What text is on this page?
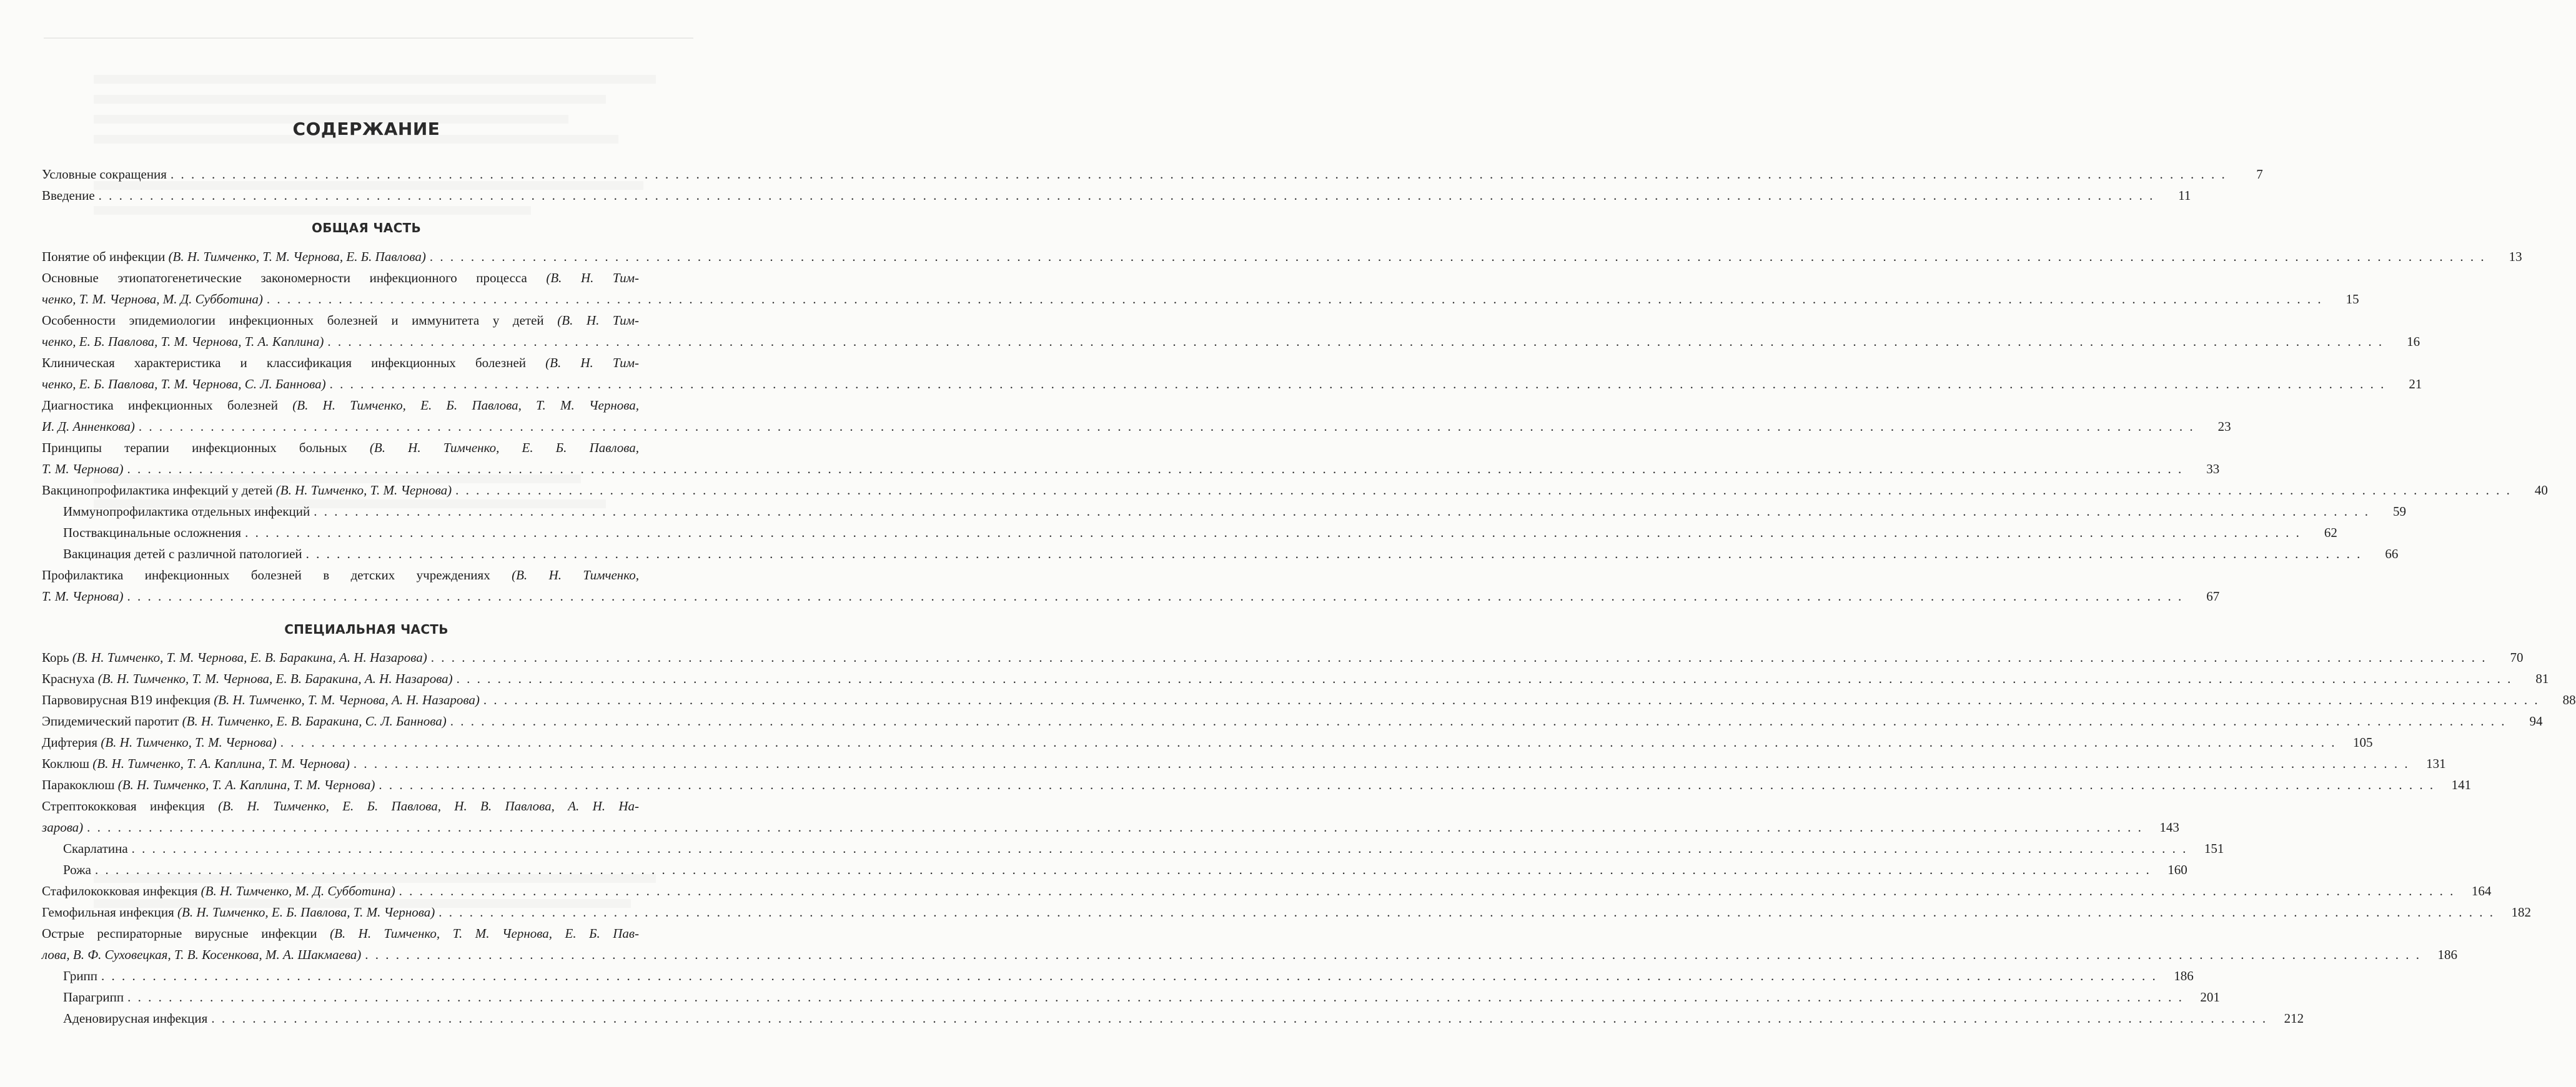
СОДЕРЖАНИЕ
Условные сокращения . . . . . . . . . . . . . . . . . . . . . . . . . . . . . . . . . . . . . . . . . . . . . . . . . . . . . . . . . . . . . . . . . . . . . . . . . . . . . . . . . . . . . . . . . . . . . . . . . . . . . . . . . . . . . . . . . . . . . . . . . . . . . . . . . . . . . . . . . . . . . . . . . . . . . . . . . . . . . . . . . . . . . . . . . . . . . . . . . . . . . . . . . . . . . . . . . . . . . . . .	7
Введение . . . . . . . . . . . . . . . . . . . . . . . . . . . . . . . . . . . . . . . . . . . . . . . . . . . . . . . . . . . . . . . . . . . . . . . . . . . . . . . . . . . . . . . . . . . . . . . . . . . . . . . . . . . . . . . . . . . . . . . . . . . . . . . . . . . . . . . . . . . . . . . . . . . . . . . . . . . . . . . . . . . . . . . . . . . . . . . . . . . . . . . . . . . . . . . . . . . . . . . .	11
ОБЩАЯ ЧАСТЬ
Понятие об инфекции (В. Н. Тимченко, Т. М. Чернова, Е. Б. Павлова) . . . . . . . . . . . . . . . . . . . . . . . . . . . . . . . . . . . . . . . . . . . . . . . . . . . . . . . . . . . . . . . . . . . . . . . . . . . . . . . . . . . . . . . . . . . . . . . . . . . . . . . . . . . . . . . . . . . . . . . . . . . . . . . . . . . . . . . . . . . . . . . . . . . . . . . . . . . . . . . . . . . . . . . . . . . . . . . . . . . . . . . . . . . . . . . . . . . . . . . .	13
Основные этиопатогенетические закономерности инфекционного процесса (В. Н. Тим-
ченко, Т. М. Чернова, М. Д. Субботина) . . . . . . . . . . . . . . . . . . . . . . . . . . . . . . . . . . . . . . . . . . . . . . . . . . . . . . . . . . . . . . . . . . . . . . . . . . . . . . . . . . . . . . . . . . . . . . . . . . . . . . . . . . . . . . . . . . . . . . . . . . . . . . . . . . . . . . . . . . . . . . . . . . . . . . . . . . . . . . . . . . . . . . . . . . . . . . . . . . . . . . . . . . . . . . . . . . . . . . . .	15
Особенности эпидемиологии инфекционных болезней и иммунитета у детей (В. Н. Тим-
ченко, Е. Б. Павлова, Т. М. Чернова, Т. А. Каплина) . . . . . . . . . . . . . . . . . . . . . . . . . . . . . . . . . . . . . . . . . . . . . . . . . . . . . . . . . . . . . . . . . . . . . . . . . . . . . . . . . . . . . . . . . . . . . . . . . . . . . . . . . . . . . . . . . . . . . . . . . . . . . . . . . . . . . . . . . . . . . . . . . . . . . . . . . . . . . . . . . . . . . . . . . . . . . . . . . . . . . . . . . . . . . . . . . . . . . . . .	16
Клиническая характеристика и классификация инфекционных болезней (В. Н. Тим-
ченко, Е. Б. Павлова, Т. М. Чернова, С. Л. Баннова) . . . . . . . . . . . . . . . . . . . . . . . . . . . . . . . . . . . . . . . . . . . . . . . . . . . . . . . . . . . . . . . . . . . . . . . . . . . . . . . . . . . . . . . . . . . . . . . . . . . . . . . . . . . . . . . . . . . . . . . . . . . . . . . . . . . . . . . . . . . . . . . . . . . . . . . . . . . . . . . . . . . . . . . . . . . . . . . . . . . . . . . . . . . . . . . . . . . . . . . .	21
Диагностика инфекционных болезней (В. Н. Тимченко, Е. Б. Павлова, Т. М. Чернова,
И. Д. Анненкова) . . . . . . . . . . . . . . . . . . . . . . . . . . . . . . . . . . . . . . . . . . . . . . . . . . . . . . . . . . . . . . . . . . . . . . . . . . . . . . . . . . . . . . . . . . . . . . . . . . . . . . . . . . . . . . . . . . . . . . . . . . . . . . . . . . . . . . . . . . . . . . . . . . . . . . . . . . . . . . . . . . . . . . . . . . . . . . . . . . . . . . . . . . . . . . . . . . . . . . . .	23
Принципы терапии инфекционных больных (В. Н. Тимченко, Е. Б. Павлова,
Т. М. Чернова) . . . . . . . . . . . . . . . . . . . . . . . . . . . . . . . . . . . . . . . . . . . . . . . . . . . . . . . . . . . . . . . . . . . . . . . . . . . . . . . . . . . . . . . . . . . . . . . . . . . . . . . . . . . . . . . . . . . . . . . . . . . . . . . . . . . . . . . . . . . . . . . . . . . . . . . . . . . . . . . . . . . . . . . . . . . . . . . . . . . . . . . . . . . . . . . . . . . . . . . .	33
Вакцинопрофилактика инфекций у детей (В. Н. Тимченко, Т. М. Чернова) . . . . . . . . . . . . . . . . . . . . . . . . . . . . . . . . . . . . . . . . . . . . . . . . . . . . . . . . . . . . . . . . . . . . . . . . . . . . . . . . . . . . . . . . . . . . . . . . . . . . . . . . . . . . . . . . . . . . . . . . . . . . . . . . . . . . . . . . . . . . . . . . . . . . . . . . . . . . . . . . . . . . . . . . . . . . . . . . . . . . . . . . . . . . . . . . . . . . . . . .	40
Иммунопрофилактика отдельных инфекций . . . . . . . . . . . . . . . . . . . . . . . . . . . . . . . . . . . . . . . . . . . . . . . . . . . . . . . . . . . . . . . . . . . . . . . . . . . . . . . . . . . . . . . . . . . . . . . . . . . . . . . . . . . . . . . . . . . . . . . . . . . . . . . . . . . . . . . . . . . . . . . . . . . . . . . . . . . . . . . . . . . . . . . . . . . . . . . . . . . . . . . . . . . . . . . . . . . . . . . .	59
Поствакцинальные осложнения . . . . . . . . . . . . . . . . . . . . . . . . . . . . . . . . . . . . . . . . . . . . . . . . . . . . . . . . . . . . . . . . . . . . . . . . . . . . . . . . . . . . . . . . . . . . . . . . . . . . . . . . . . . . . . . . . . . . . . . . . . . . . . . . . . . . . . . . . . . . . . . . . . . . . . . . . . . . . . . . . . . . . . . . . . . . . . . . . . . . . . . . . . . . . . . . . . . . . . . .	62
Вакцинация детей с различной патологией . . . . . . . . . . . . . . . . . . . . . . . . . . . . . . . . . . . . . . . . . . . . . . . . . . . . . . . . . . . . . . . . . . . . . . . . . . . . . . . . . . . . . . . . . . . . . . . . . . . . . . . . . . . . . . . . . . . . . . . . . . . . . . . . . . . . . . . . . . . . . . . . . . . . . . . . . . . . . . . . . . . . . . . . . . . . . . . . . . . . . . . . . . . . . . . . . . . . . . . .	66
Профилактика инфекционных болезней в детских учреждениях (В. Н. Тимченко,
Т. М. Чернова) . . . . . . . . . . . . . . . . . . . . . . . . . . . . . . . . . . . . . . . . . . . . . . . . . . . . . . . . . . . . . . . . . . . . . . . . . . . . . . . . . . . . . . . . . . . . . . . . . . . . . . . . . . . . . . . . . . . . . . . . . . . . . . . . . . . . . . . . . . . . . . . . . . . . . . . . . . . . . . . . . . . . . . . . . . . . . . . . . . . . . . . . . . . . . . . . . . . . . . . .	67
СПЕЦИАЛЬНАЯ ЧАСТЬ
Корь (В. Н. Тимченко, Т. М. Чернова, Е. В. Баракина, А. Н. Назарова) . . . . . . . . . . . . . . . . . . . . . . . . . . . . . . . . . . . . . . . . . . . . . . . . . . . . . . . . . . . . . . . . . . . . . . . . . . . . . . . . . . . . . . . . . . . . . . . . . . . . . . . . . . . . . . . . . . . . . . . . . . . . . . . . . . . . . . . . . . . . . . . . . . . . . . . . . . . . . . . . . . . . . . . . . . . . . . . . . . . . . . . . . . . . . . . . . . . . . . . .	70
Краснуха (В. Н. Тимченко, Т. М. Чернова, Е. В. Баракина, А. Н. Назарова) . . . . . . . . . . . . . . . . . . . . . . . . . . . . . . . . . . . . . . . . . . . . . . . . . . . . . . . . . . . . . . . . . . . . . . . . . . . . . . . . . . . . . . . . . . . . . . . . . . . . . . . . . . . . . . . . . . . . . . . . . . . . . . . . . . . . . . . . . . . . . . . . . . . . . . . . . . . . . . . . . . . . . . . . . . . . . . . . . . . . . . . . . . . . . . . . . . . . . . . .	81
Парвовирусная В19 инфекция (В. Н. Тимченко, Т. М. Чернова, А. Н. Назарова) . . . . . . . . . . . . . . . . . . . . . . . . . . . . . . . . . . . . . . . . . . . . . . . . . . . . . . . . . . . . . . . . . . . . . . . . . . . . . . . . . . . . . . . . . . . . . . . . . . . . . . . . . . . . . . . . . . . . . . . . . . . . . . . . . . . . . . . . . . . . . . . . . . . . . . . . . . . . . . . . . . . . . . . . . . . . . . . . . . . . . . . . . . . . . . . . . . . . . . . .	88
Эпидемический паротит (В. Н. Тимченко, Е. В. Баракина, С. Л. Баннова) . . . . . . . . . . . . . . . . . . . . . . . . . . . . . . . . . . . . . . . . . . . . . . . . . . . . . . . . . . . . . . . . . . . . . . . . . . . . . . . . . . . . . . . . . . . . . . . . . . . . . . . . . . . . . . . . . . . . . . . . . . . . . . . . . . . . . . . . . . . . . . . . . . . . . . . . . . . . . . . . . . . . . . . . . . . . . . . . . . . . . . . . . . . . . . . . . . . . . . . .	94
Дифтерия (В. Н. Тимченко, Т. М. Чернова) . . . . . . . . . . . . . . . . . . . . . . . . . . . . . . . . . . . . . . . . . . . . . . . . . . . . . . . . . . . . . . . . . . . . . . . . . . . . . . . . . . . . . . . . . . . . . . . . . . . . . . . . . . . . . . . . . . . . . . . . . . . . . . . . . . . . . . . . . . . . . . . . . . . . . . . . . . . . . . . . . . . . . . . . . . . . . . . . . . . . . . . . . . . . . . . . . . . . . . . .	105
Коклюш (В. Н. Тимченко, Т. А. Каплина, Т. М. Чернова) . . . . . . . . . . . . . . . . . . . . . . . . . . . . . . . . . . . . . . . . . . . . . . . . . . . . . . . . . . . . . . . . . . . . . . . . . . . . . . . . . . . . . . . . . . . . . . . . . . . . . . . . . . . . . . . . . . . . . . . . . . . . . . . . . . . . . . . . . . . . . . . . . . . . . . . . . . . . . . . . . . . . . . . . . . . . . . . . . . . . . . . . . . . . . . . . . . . . . . . .	131
Паракоклюш (В. Н. Тимченко, Т. А. Каплина, Т. М. Чернова) . . . . . . . . . . . . . . . . . . . . . . . . . . . . . . . . . . . . . . . . . . . . . . . . . . . . . . . . . . . . . . . . . . . . . . . . . . . . . . . . . . . . . . . . . . . . . . . . . . . . . . . . . . . . . . . . . . . . . . . . . . . . . . . . . . . . . . . . . . . . . . . . . . . . . . . . . . . . . . . . . . . . . . . . . . . . . . . . . . . . . . . . . . . . . . . . . . . . . . . .	141
Стрептококковая инфекция (В. Н. Тимченко, Е. Б. Павлова, Н. В. Павлова, А. Н. На-
зарова) . . . . . . . . . . . . . . . . . . . . . . . . . . . . . . . . . . . . . . . . . . . . . . . . . . . . . . . . . . . . . . . . . . . . . . . . . . . . . . . . . . . . . . . . . . . . . . . . . . . . . . . . . . . . . . . . . . . . . . . . . . . . . . . . . . . . . . . . . . . . . . . . . . . . . . . . . . . . . . . . . . . . . . . . . . . . . . . . . . . . . . . . . . . . . . . . . . . . . . . .	143
Скарлатина . . . . . . . . . . . . . . . . . . . . . . . . . . . . . . . . . . . . . . . . . . . . . . . . . . . . . . . . . . . . . . . . . . . . . . . . . . . . . . . . . . . . . . . . . . . . . . . . . . . . . . . . . . . . . . . . . . . . . . . . . . . . . . . . . . . . . . . . . . . . . . . . . . . . . . . . . . . . . . . . . . . . . . . . . . . . . . . . . . . . . . . . . . . . . . . . . . . . . . . .	151
Рожа . . . . . . . . . . . . . . . . . . . . . . . . . . . . . . . . . . . . . . . . . . . . . . . . . . . . . . . . . . . . . . . . . . . . . . . . . . . . . . . . . . . . . . . . . . . . . . . . . . . . . . . . . . . . . . . . . . . . . . . . . . . . . . . . . . . . . . . . . . . . . . . . . . . . . . . . . . . . . . . . . . . . . . . . . . . . . . . . . . . . . . . . . . . . . . . . . . . . . . . .	160
Стафилококковая инфекция (В. Н. Тимченко, М. Д. Субботина) . . . . . . . . . . . . . . . . . . . . . . . . . . . . . . . . . . . . . . . . . . . . . . . . . . . . . . . . . . . . . . . . . . . . . . . . . . . . . . . . . . . . . . . . . . . . . . . . . . . . . . . . . . . . . . . . . . . . . . . . . . . . . . . . . . . . . . . . . . . . . . . . . . . . . . . . . . . . . . . . . . . . . . . . . . . . . . . . . . . . . . . . . . . . . . . . . . . . . . . .	164
Гемофильная инфекция (В. Н. Тимченко, Е. Б. Павлова, Т. М. Чернова) . . . . . . . . . . . . . . . . . . . . . . . . . . . . . . . . . . . . . . . . . . . . . . . . . . . . . . . . . . . . . . . . . . . . . . . . . . . . . . . . . . . . . . . . . . . . . . . . . . . . . . . . . . . . . . . . . . . . . . . . . . . . . . . . . . . . . . . . . . . . . . . . . . . . . . . . . . . . . . . . . . . . . . . . . . . . . . . . . . . . . . . . . . . . . . . . . . . . . . . .	182
Острые респираторные вирусные инфекции (В. Н. Тимченко, Т. М. Чернова, Е. Б. Пав-
лова, В. Ф. Суховецкая, Т. В. Косенкова, М. А. Шакмаева) . . . . . . . . . . . . . . . . . . . . . . . . . . . . . . . . . . . . . . . . . . . . . . . . . . . . . . . . . . . . . . . . . . . . . . . . . . . . . . . . . . . . . . . . . . . . . . . . . . . . . . . . . . . . . . . . . . . . . . . . . . . . . . . . . . . . . . . . . . . . . . . . . . . . . . . . . . . . . . . . . . . . . . . . . . . . . . . . . . . . . . . . . . . . . . . . . . . . . . . .	186
Грипп . . . . . . . . . . . . . . . . . . . . . . . . . . . . . . . . . . . . . . . . . . . . . . . . . . . . . . . . . . . . . . . . . . . . . . . . . . . . . . . . . . . . . . . . . . . . . . . . . . . . . . . . . . . . . . . . . . . . . . . . . . . . . . . . . . . . . . . . . . . . . . . . . . . . . . . . . . . . . . . . . . . . . . . . . . . . . . . . . . . . . . . . . . . . . . . . . . . . . . . .	186
Парагрипп . . . . . . . . . . . . . . . . . . . . . . . . . . . . . . . . . . . . . . . . . . . . . . . . . . . . . . . . . . . . . . . . . . . . . . . . . . . . . . . . . . . . . . . . . . . . . . . . . . . . . . . . . . . . . . . . . . . . . . . . . . . . . . . . . . . . . . . . . . . . . . . . . . . . . . . . . . . . . . . . . . . . . . . . . . . . . . . . . . . . . . . . . . . . . . . . . . . . . . . .	201
Аденовирусная инфекция . . . . . . . . . . . . . . . . . . . . . . . . . . . . . . . . . . . . . . . . . . . . . . . . . . . . . . . . . . . . . . . . . . . . . . . . . . . . . . . . . . . . . . . . . . . . . . . . . . . . . . . . . . . . . . . . . . . . . . . . . . . . . . . . . . . . . . . . . . . . . . . . . . . . . . . . . . . . . . . . . . . . . . . . . . . . . . . . . . . . . . . . . . . . . . . . . . . . . . . .	212
